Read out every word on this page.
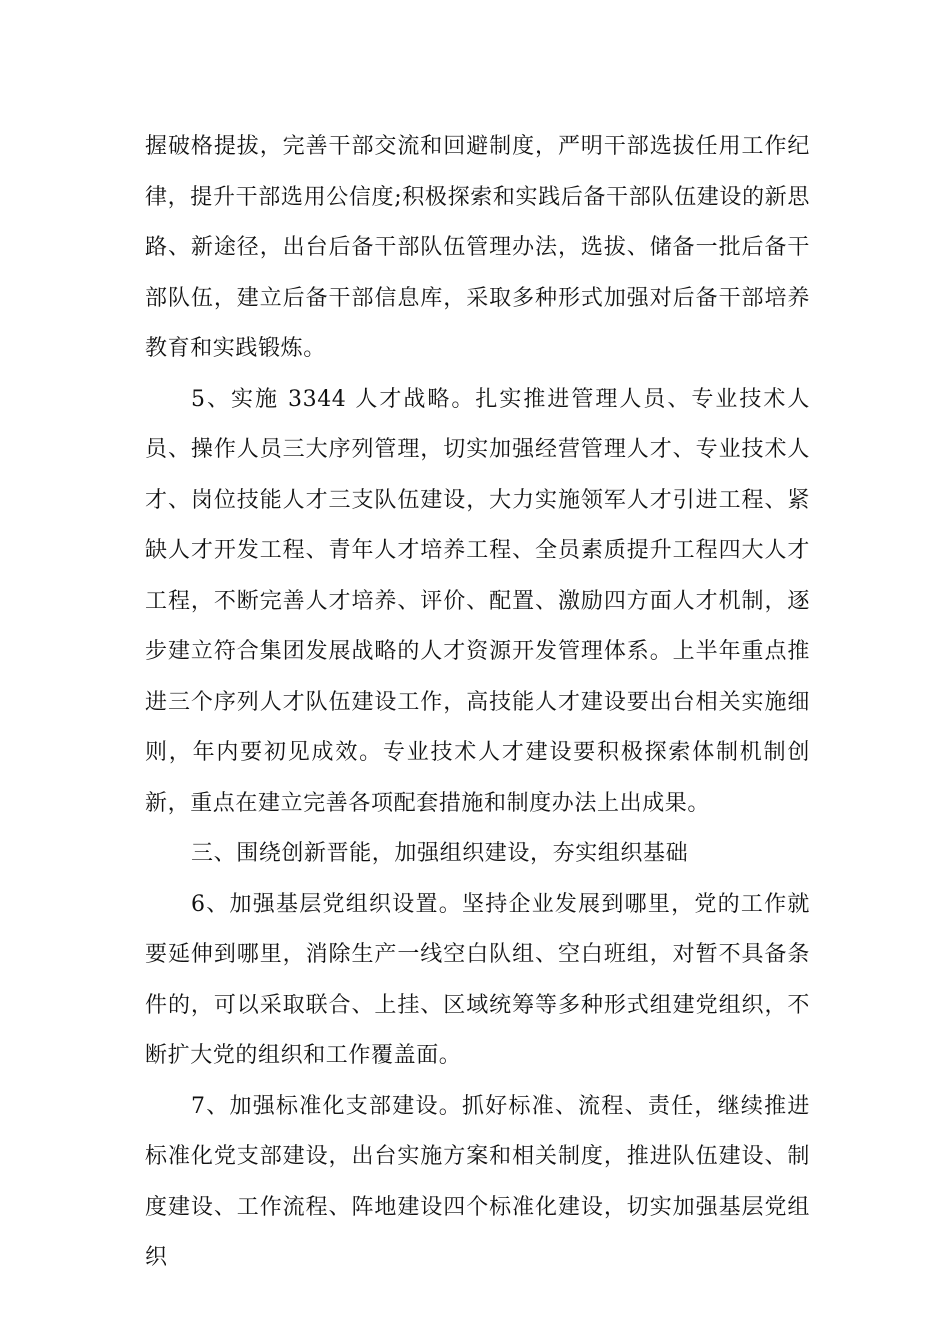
握破格提拔，完善干部交流和回避制度，严明干部选拔任用工作纪律，提升干部选用公信度;积极探索和实践后备干部队伍建设的新思路、新途径，出台后备干部队伍管理办法，选拔、储备一批后备干部队伍，建立后备干部信息库，采取多种形式加强对后备干部培养教育和实践锻炼。

5、实施 3344 人才战略。扎实推进管理人员、专业技术人员、操作人员三大序列管理，切实加强经营管理人才、专业技术人才、岗位技能人才三支队伍建设，大力实施领军人才引进工程、紧缺人才开发工程、青年人才培养工程、全员素质提升工程四大人才工程，不断完善人才培养、评价、配置、激励四方面人才机制，逐步建立符合集团发展战略的人才资源开发管理体系。上半年重点推进三个序列人才队伍建设工作，高技能人才建设要出台相关实施细则，年内要初见成效。专业技术人才建设要积极探索体制机制创新，重点在建立完善各项配套措施和制度办法上出成果。

三、围绕创新晋能，加强组织建设，夯实组织基础

6、加强基层党组织设置。坚持企业发展到哪里，党的工作就要延伸到哪里，消除生产一线空白队组、空白班组，对暂不具备条件的，可以采取联合、上挂、区域统筹等多种形式组建党组织，不断扩大党的组织和工作覆盖面。

7、加强标准化支部建设。抓好标准、流程、责任，继续推进标准化党支部建设，出台实施方案和相关制度，推进队伍建设、制度建设、工作流程、阵地建设四个标准化建设，切实加强基层党组织
